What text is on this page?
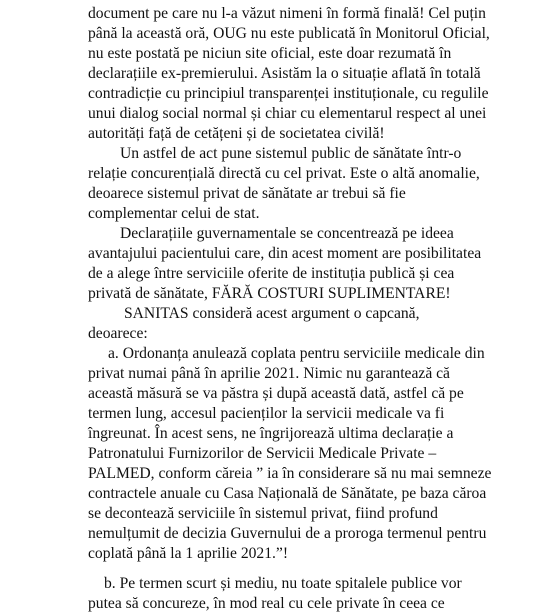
document pe care nu l-a văzut nimeni în formă finală! Cel puțin
până la această oră, OUG nu este publicată în Monitorul Oficial,
nu este postată pe niciun site oficial, este doar rezumată în
declarațiile ex-premierului. Asistăm la o situație aflată în totală
contradicție cu principiul transparenței instituționale, cu regulile
unui dialog social normal și chiar cu elementarul respect al unei
autorități față de cetățeni și de societatea civilă!
Un astfel de act pune sistemul public de sănătate într-o
relație concurențială directă cu cel privat. Este o altă anomalie,
deoarece sistemul privat de sănătate ar trebui să fie
complementar celui de stat.
Declarațiile guvernamentale se concentrează pe ideea
avantajului pacientului care, din acest moment are posibilitatea
de a alege între serviciile oferite de instituția publică și cea
privată de sănătate, FĂRĂ COSTURI SUPLIMENTARE!
SANITAS consideră acest argument o capcană,
deoarece:
a. Ordonanța anulează coplata pentru serviciile medicale din
privat numai până în aprilie 2021. Nimic nu garantează că
această măsură se va păstra și după această dată, astfel că pe
termen lung, accesul pacienților la servicii medicale va fi
îngreunat. În acest sens, ne îngrijorează ultima declarație a
Patronatului Furnizorilor de Servicii Medicale Private –
PALMED, conform căreia ” ia în considerare să nu mai semneze
contractele anuale cu Casa Națională de Sănătate, pe baza căroa
se decontează serviciile în sistemul privat, fiind profund
nemulțumit de decizia Guvernului de a proroga termenul pentru
coplată până la 1 aprilie 2021.”!
b. Pe termen scurt și mediu, nu toate spitalele publice vor
putea să concureze, în mod real cu cele private în ceea ce
